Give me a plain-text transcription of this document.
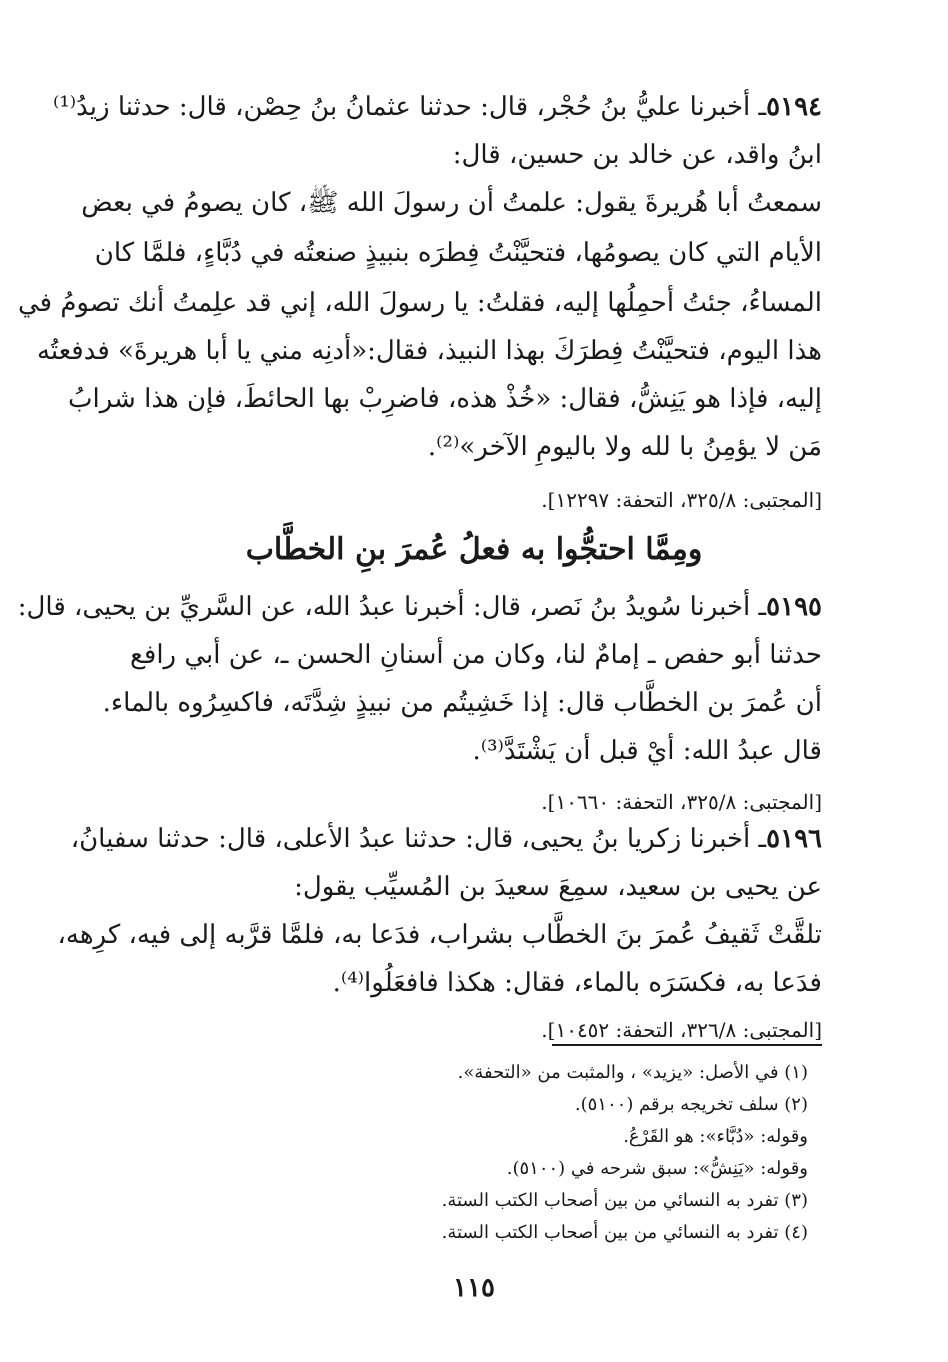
٥١٩٤ـ أخبرنا عليُّ بنُ حُجْر، قال: حدثنا عثمانُ بنُ حِصْن، قال: حدثنا زيدُ⁽¹⁾
ابنُ واقد، عن خالد بن حسين، قال:
سمعتُ أبا هُريرةَ يقول: علمتُ أن رسولَ الله ﷺ، كان يصومُ في بعض
الأيام التي كان يصومُها، فتحيَّنْتُ فِطرَه بنبيذٍ صنعتُه في دُبَّاءٍ، فلمَّا كان
المساءُ، جئتُ أحمِلُها إليه، فقلتُ: يا رسولَ الله، إني قد علِمتُ أنك تصومُ في
هذا اليوم، فتحيَّنْتُ فِطرَكَ بهذا النبيذ، فقال:«أدنِه مني يا أبا هريرةَ» فدفعتُه
إليه، فإذا هو يَنِشُّ، فقال: «خُذْ هذه، فاضرِبْ بها الحائطَ، فإن هذا شرابُ
مَن لا يؤمِنُ با لله ولا باليومِ الآخر»⁽²⁾.
[المجتبى: ٣٢٥/٨، التحفة: ١٢٢٩٧].
ومِمَّا احتجُّوا به فعلُ عُمرَ بنِ الخطَّاب
٥١٩٥ـ أخبرنا سُويدُ بنُ نَصر، قال: أخبرنا عبدُ الله، عن السَّريِّ بن يحيى، قال:
حدثنا أبو حفص ـ إمامٌ لنا، وكان من أسنانِ الحسن ـ، عن أبي رافع
أن عُمرَ بن الخطَّاب قال: إذا خَشِيتُم من نبيذٍ شِدَّتَه، فاكسِرُوه بالماء.
قال عبدُ الله: أيْ قبل أن يَشْتَدَّ⁽³⁾.
[المجتبى: ٣٢٥/٨، التحفة: ١٠٦٦٠].
٥١٩٦ـ أخبرنا زكريا بنُ يحيى، قال: حدثنا عبدُ الأعلى، قال: حدثنا سفيانُ،
عن يحيى بن سعيد، سمِعَ سعيدَ بن المُسيِّب يقول:
تلقَّتْ ثَقيفُ عُمرَ بنَ الخطَّاب بشراب، فدَعا به، فلمَّا قرَّبه إلى فيه، كرِهه،
فدَعا به، فكسَرَه بالماء، فقال: هكذا فافعَلُوا⁽⁴⁾.
[المجتبى: ٣٢٦/٨، التحفة: ١٠٤٥٢].
(١) في الأصل: «يزيد» ، والمثبت من «التحفة».
(٢) سلف تخريجه برقم (٥١٠٠).
وقوله: «دُبَّاء»: هو القَرْعُ.
وقوله: «يَنِشُّ»: سبق شرحه في (٥١٠٠).
(٣) تفرد به النسائي من بين أصحاب الكتب الستة.
(٤) تفرد به النسائي من بين أصحاب الكتب الستة.
١١٥
